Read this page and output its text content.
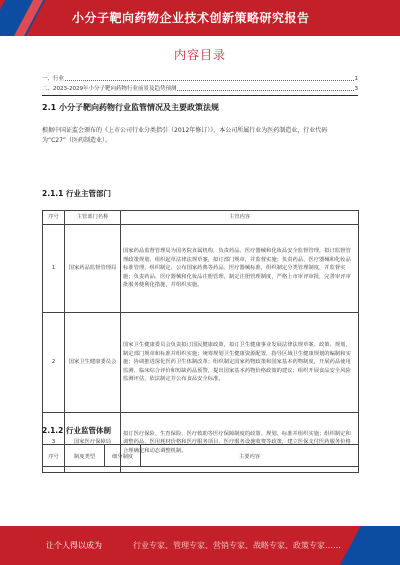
小分子靶向药物企业技术创新策略研究报告
内容目录
一、行业	1
二、2023-2029年小分子靶向药物行业前景及趋势预测	3
2.1 小分子靶向药物行业监管情况及主要政策法规
根据中国证监会颁布的《上市公司行业分类指引（2012年修订）》，本公司所属行业为医药制造业，行业代码为“C27”（医药制造业）。
2.1.1 行业主管部门
序号	主管部门名称	主管内容
1	国家药品监督管理局	国家药品监督管理局为国务院直属机构，负责药品、医疗器械和化妆品安全监督管理，拟订监督管理政策规划，组织起草法律法规草案，拟订部门规章，并监督实施；负责药品、医疗器械和化妆品标准管理，组织制定、公布国家药典等药品、医疗器械标准，组织制定分类管理制度，并监督实施；负责药品、医疗器械和化妆品注册管理，制定注册管理制度，严格上市审评审批，完善审评审批服务便利化措施，并组织实施。
2	国家卫生健康委员会	国家卫生健康委员会负责拟订国民健康政策，拟订卫生健康事业发展法律法规草案、政策、规划，制定部门规章和标准并组织实施；统筹规划卫生健康资源配置，指导区域卫生健康规划的编制和实施；协调推进深化医药卫生体制改革；组织制定国家药物政策和国家基本药物制度，开展药品使用监测、临床综合评价和短缺药品预警，提出国家基本药物价格政策的建议；组织开展食品安全风险监测评估，依法制定并公布食品安全标准。
3	国家医疗保障局	拟订医疗保险、生育保险、医疗救助等医疗保障制度的政策、规划、标准并组织实施；组织制定和调整药品、医用耗材价格和医疗服务项目、医疗服务设施收费等政策，建立医保支付医药服务价格合理确定和动态调整机制。
2.1.2 行业监管体制
序号	制度类型	细分制度	主要内容
让个人得以成为	行业专家、管理专家、营销专家、战略专家、政策专家……
